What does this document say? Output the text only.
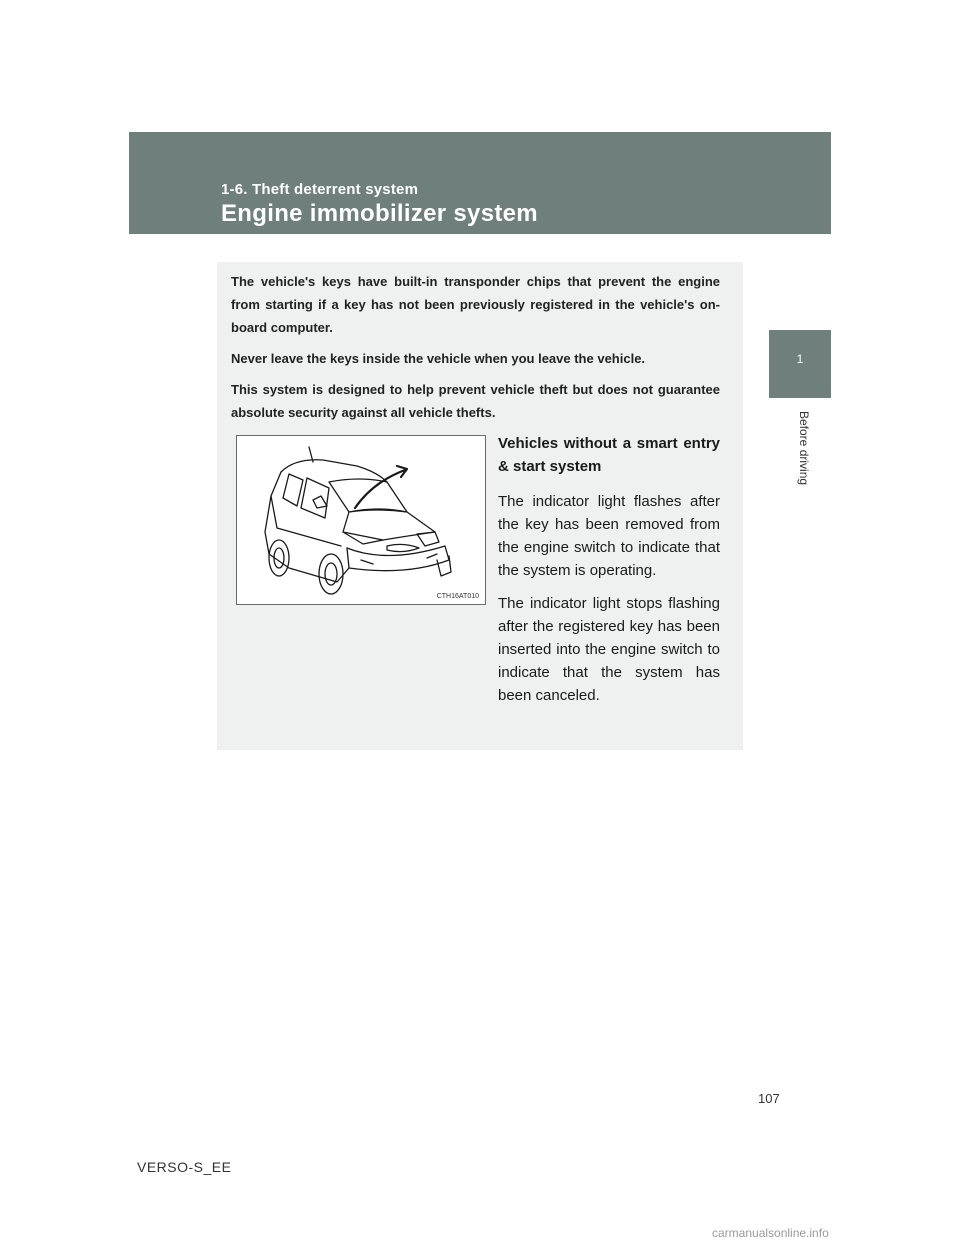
1-6. Theft deterrent system
Engine immobilizer system
1
Before driving

The vehicle's keys have built-in transponder chips that prevent the engine from starting if a key has not been previously registered in the vehicle's on-board computer.

Never leave the keys inside the vehicle when you leave the vehicle.

This system is designed to help prevent vehicle theft but does not guarantee absolute security against all vehicle thefts.

CTH16AT010
Vehicles without a smart entry & start system

The indicator light flashes after the key has been removed from the engine switch to indicate that the system is operating.

The indicator light stops flashing after the registered key has been inserted into the engine switch to indicate that the system has been canceled.

107
VERSO-S_EE
carmanualsonline.info
